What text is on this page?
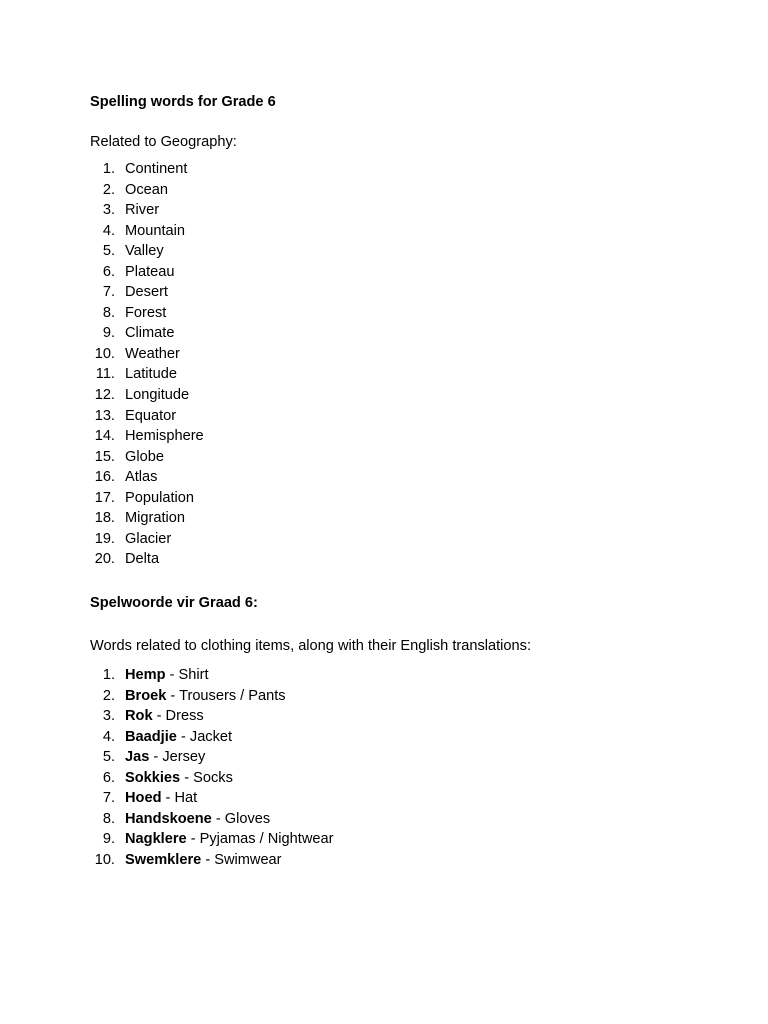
Spelling words for Grade 6

Related to Geography:

1. Continent
2. Ocean
3. River
4. Mountain
5. Valley
6. Plateau
7. Desert
8. Forest
9. Climate
10. Weather
11. Latitude
12. Longitude
13. Equator
14. Hemisphere
15. Globe
16. Atlas
17. Population
18. Migration
19. Glacier
20. Delta
Spelwoorde vir Graad 6:

Words related to clothing items, along with their English translations:

1. Hemp - Shirt
2. Broek - Trousers / Pants
3. Rok - Dress
4. Baadjie - Jacket
5. Jas - Jersey
6. Sokkies - Socks
7. Hoed - Hat
8. Handskoene - Gloves
9. Nagklere - Pyjamas / Nightwear
10. Swemklere - Swimwear
